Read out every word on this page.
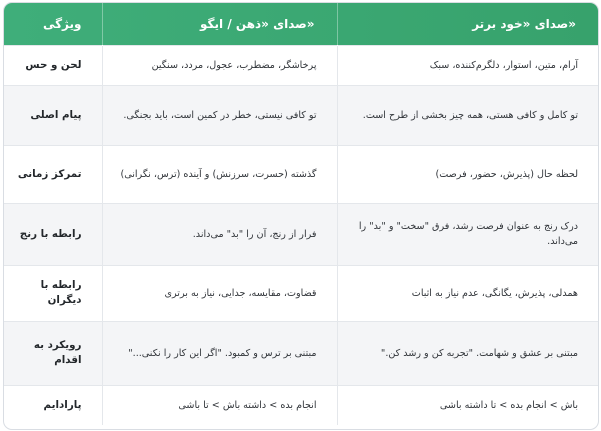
«صدای «خود برتر	«صدای «ذهن / ایگو	ویژگی
آرام، متین، استوار، دلگرم‌کننده، سبک	پرخاشگر، مضطرب، عجول، مردد، سنگین	لحن و حس
تو کامل و کافی هستی، همه چیز بخشی از طرح است.	تو کافی نیستی، خطر در کمین است، باید بجنگی.	پیام اصلی
لحظه حال (پذیرش، حضور، فرصت)	گذشته (حسرت، سرزنش) و آینده (ترس، نگرانی)	تمرکز زمانی
درک رنج به عنوان فرصت رشد، فرق "سخت" و "بد" را می‌داند.	فرار از رنج، آن را "بد" می‌داند.	رابطه با رنج
همدلی، پذیرش، یگانگی، عدم نیاز به اثبات	قضاوت، مقایسه، جدایی، نیاز به برتری	رابطه با دیگران
مبتنی بر عشق و شهامت. "تجربه کن و رشد کن."	مبتنی بر ترس و کمبود. "اگر این کار را نکنی..."	رویکرد به اقدام
باش > انجام بده > تا داشته باشی	انجام بده > داشته باش > تا باشی	پارادایم
